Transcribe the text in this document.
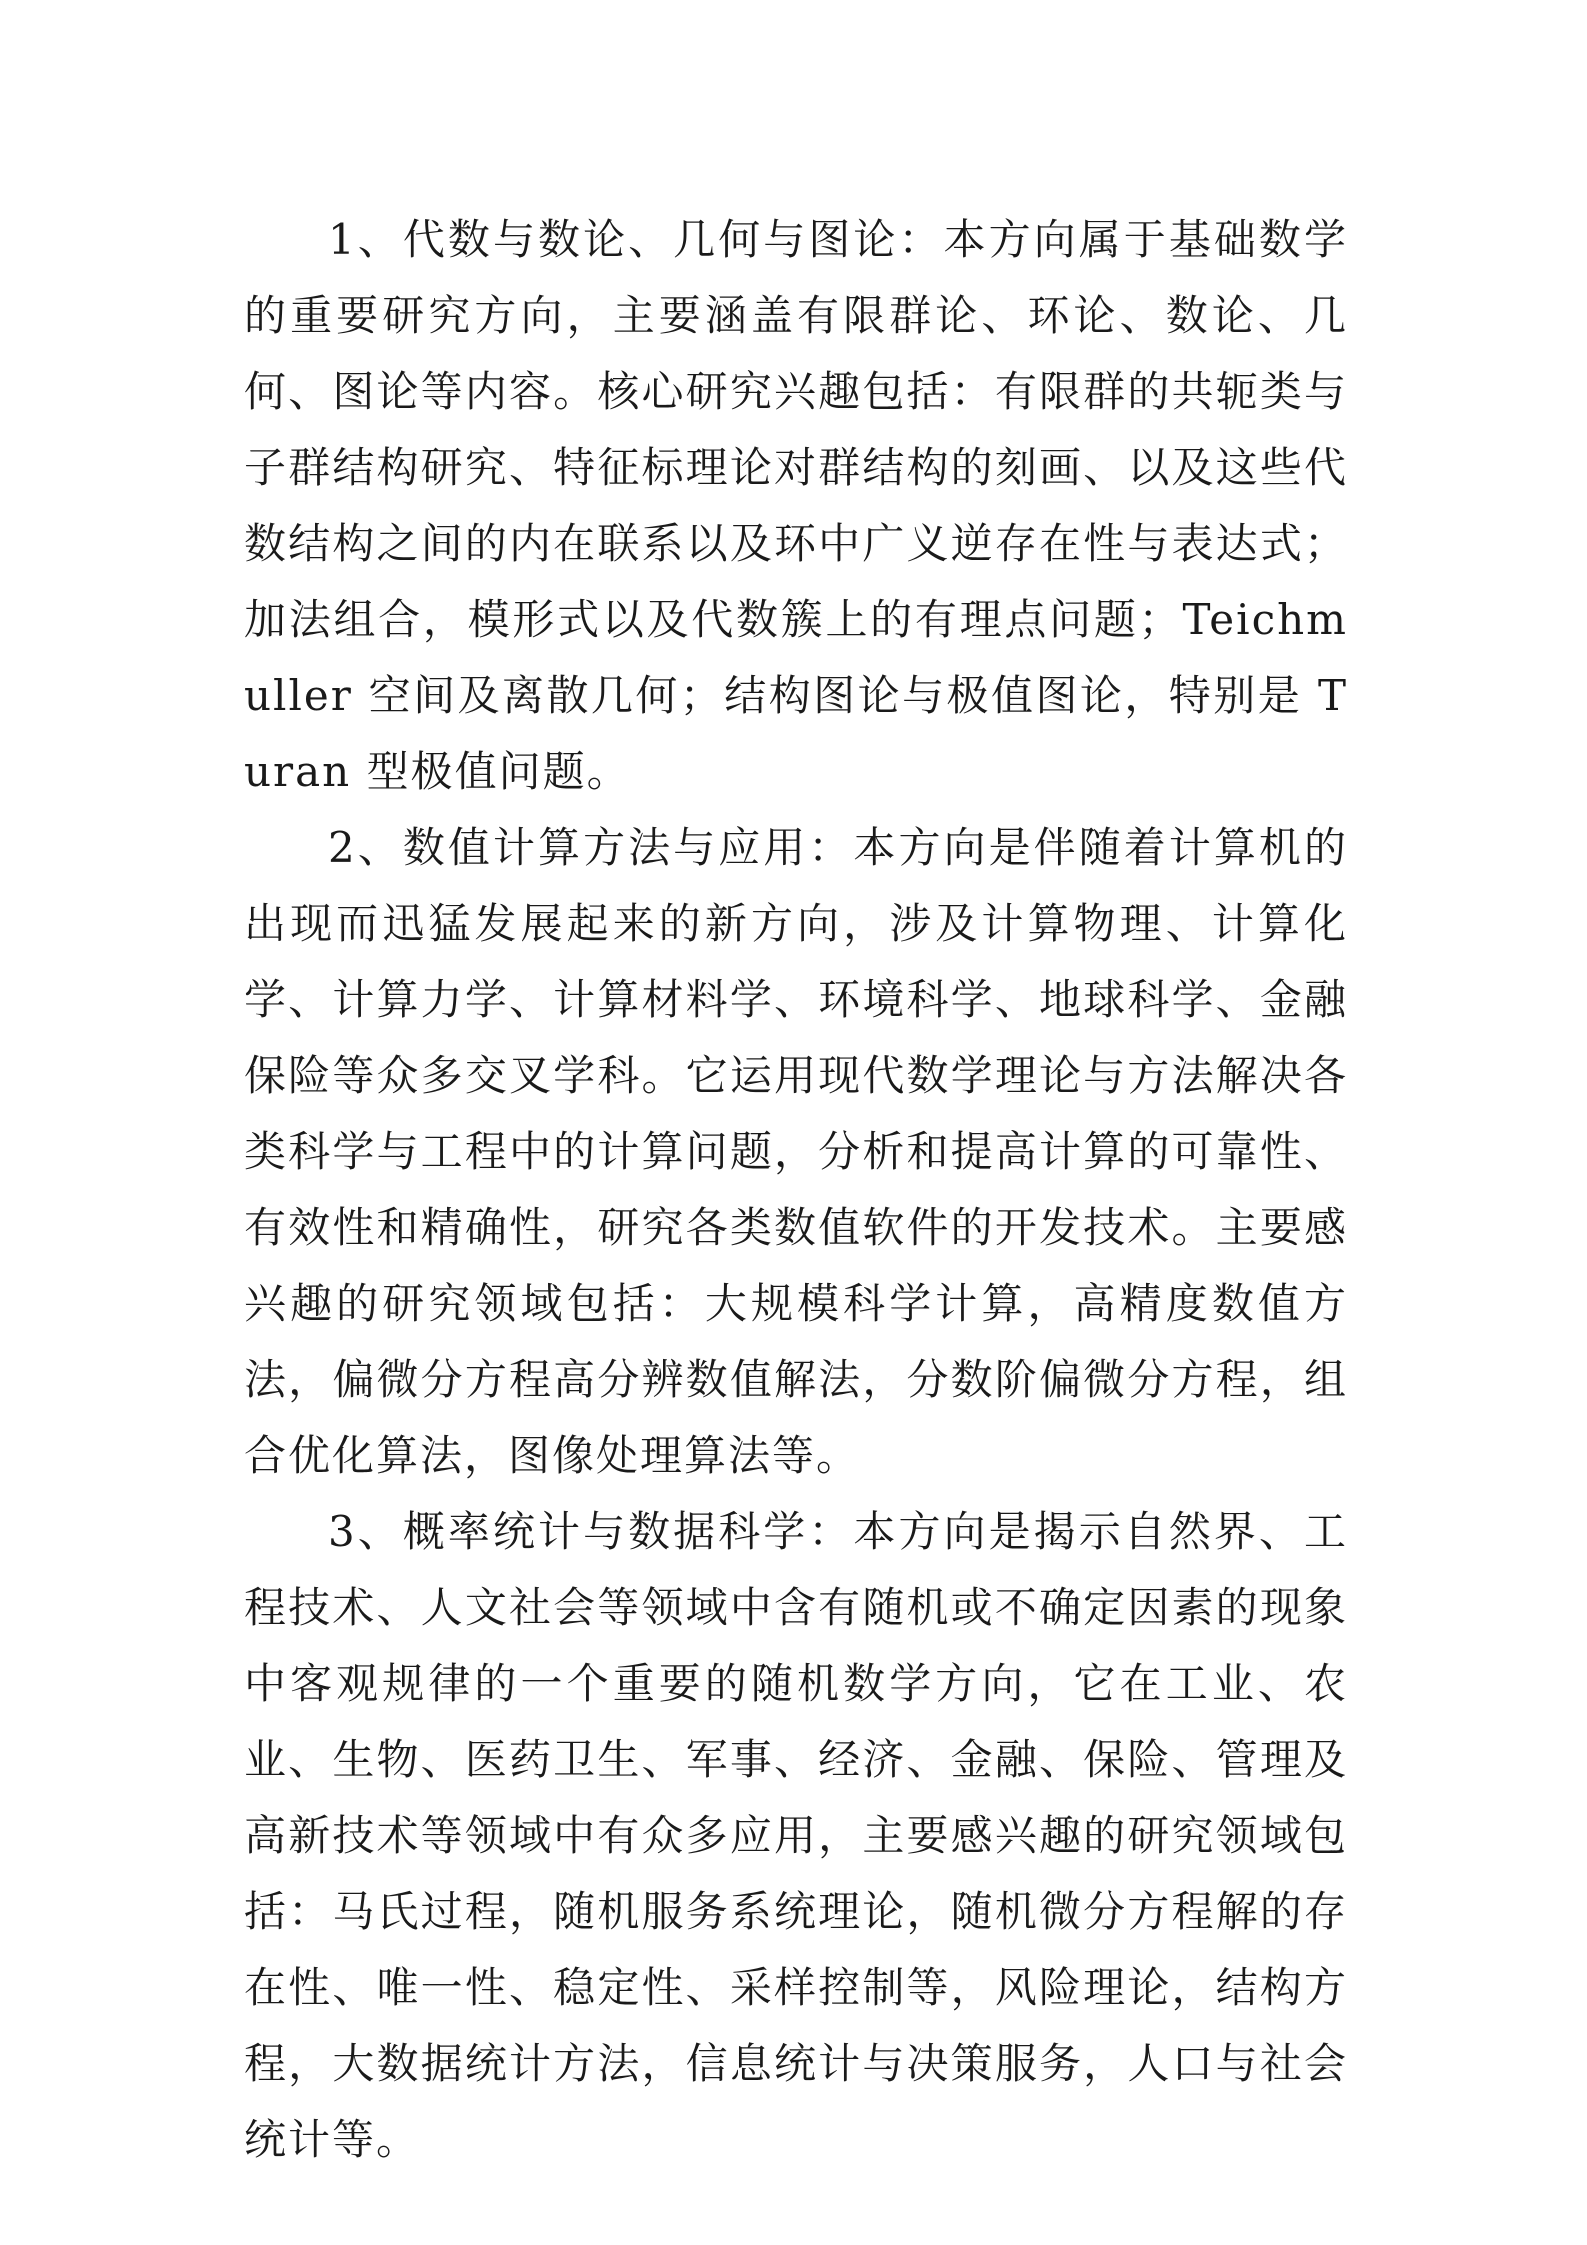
1、代数与数论、几何与图论：本方向属于基础数学的重要研究方向，主要涵盖有限群论、环论、数论、几何、图论等内容。核心研究兴趣包括：有限群的共轭类与子群结构研究、特征标理论对群结构的刻画、以及这些代数结构之间的内在联系以及环中广义逆存在性与表达式；加法组合，模形式以及代数簇上的有理点问题；Teichmuller 空间及离散几何；结构图论与极值图论，特别是 Turan 型极值问题。

2、数值计算方法与应用：本方向是伴随着计算机的出现而迅猛发展起来的新方向，涉及计算物理、计算化学、计算力学、计算材料学、环境科学、地球科学、金融保险等众多交叉学科。它运用现代数学理论与方法解决各类科学与工程中的计算问题，分析和提高计算的可靠性、有效性和精确性，研究各类数值软件的开发技术。主要感兴趣的研究领域包括：大规模科学计算，高精度数值方法，偏微分方程高分辨数值解法，分数阶偏微分方程，组合优化算法，图像处理算法等。

3、概率统计与数据科学：本方向是揭示自然界、工程技术、人文社会等领域中含有随机或不确定因素的现象中客观规律的一个重要的随机数学方向，它在工业、农业、生物、医药卫生、军事、经济、金融、保险、管理及高新技术等领域中有众多应用，主要感兴趣的研究领域包括：马氏过程，随机服务系统理论，随机微分方程解的存在性、唯一性、稳定性、采样控制等，风险理论，结构方程，大数据统计方法，信息统计与决策服务，人口与社会统计等。
